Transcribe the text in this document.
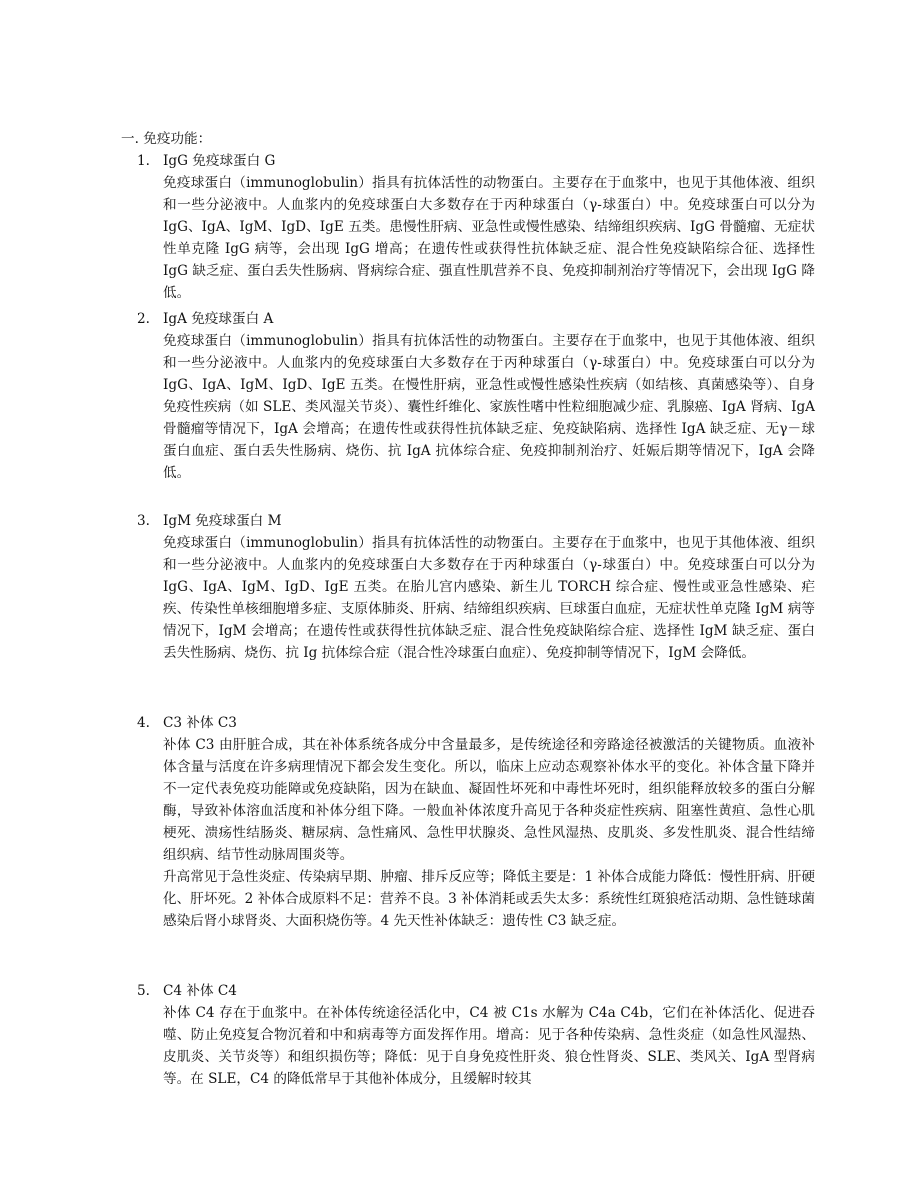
一. 免疫功能：
1. IgG 免疫球蛋白 G

免疫球蛋白（immunoglobulin）指具有抗体活性的动物蛋白。主要存在于血浆中，也见于其他体液、组织和一些分泌液中。人血浆内的免疫球蛋白大多数存在于丙种球蛋白（γ-球蛋白）中。免疫球蛋白可以分为 IgG、IgA、IgM、IgD、IgE 五类。患慢性肝病、亚急性或慢性感染、结缔组织疾病、IgG 骨髓瘤、无症状性单克隆 IgG 病等，会出现 IgG 增高；在遗传性或获得性抗体缺乏症、混合性免疫缺陷综合征、选择性 IgG 缺乏症、蛋白丢失性肠病、肾病综合症、强直性肌营养不良、免疫抑制剂治疗等情况下，会出现 IgG 降低。

2. IgA 免疫球蛋白 A

免疫球蛋白（immunoglobulin）指具有抗体活性的动物蛋白。主要存在于血浆中，也见于其他体液、组织和一些分泌液中。人血浆内的免疫球蛋白大多数存在于丙种球蛋白（γ-球蛋白）中。免疫球蛋白可以分为 IgG、IgA、IgM、IgD、IgE 五类。在慢性肝病，亚急性或慢性感染性疾病（如结核、真菌感染等）、自身免疫性疾病（如 SLE、类风湿关节炎）、囊性纤维化、家族性嗜中性粒细胞减少症、乳腺癌、IgA 肾病、IgA 骨髓瘤等情况下，IgA 会增高；在遗传性或获得性抗体缺乏症、免疫缺陷病、选择性 IgA 缺乏症、无γ－球蛋白血症、蛋白丢失性肠病、烧伤、抗 IgA 抗体综合症、免疫抑制剂治疗、妊娠后期等情况下，IgA 会降低。

3. IgM 免疫球蛋白 M

免疫球蛋白（immunoglobulin）指具有抗体活性的动物蛋白。主要存在于血浆中，也见于其他体液、组织和一些分泌液中。人血浆内的免疫球蛋白大多数存在于丙种球蛋白（γ-球蛋白）中。免疫球蛋白可以分为 IgG、IgA、IgM、IgD、IgE 五类。在胎儿宫内感染、新生儿 TORCH 综合症、慢性或亚急性感染、疟疾、传染性单核细胞增多症、支原体肺炎、肝病、结缔组织疾病、巨球蛋白血症，无症状性单克隆 IgM 病等情况下，IgM 会增高；在遗传性或获得性抗体缺乏症、混合性免疫缺陷综合症、选择性 IgM 缺乏症、蛋白丢失性肠病、烧伤、抗 Ig 抗体综合症（混合性冷球蛋白血症）、免疫抑制等情况下，IgM 会降低。

4. C3 补体 C3

补体 C3 由肝脏合成，其在补体系统各成分中含量最多，是传统途径和旁路途径被激活的关键物质。血液补体含量与活度在许多病理情况下都会发生变化。所以，临床上应动态观察补体水平的变化。补体含量下降并不一定代表免疫功能障或免疫缺陷，因为在缺血、凝固性坏死和中毒性坏死时，组织能释放较多的蛋白分解酶，导致补体溶血活度和补体分组下降。一般血补体浓度升高见于各种炎症性疾病、阻塞性黄疸、急性心肌梗死、溃疡性结肠炎、糖尿病、急性痛风、急性甲状腺炎、急性风湿热、皮肌炎、多发性肌炎、混合性结缔组织病、结节性动脉周围炎等。

升高常见于急性炎症、传染病早期、肿瘤、排斥反应等；降低主要是：1 补体合成能力降低：慢性肝病、肝硬化、肝坏死。2 补体合成原料不足：营养不良。3 补体消耗或丢失太多：系统性红斑狼疮活动期、急性链球菌感染后肾小球肾炎、大面积烧伤等。4 先天性补体缺乏：遗传性 C3 缺乏症。

5. C4 补体 C4

补体 C4 存在于血浆中。在补体传统途径活化中，C4 被 C1s 水解为 C4a C4b，它们在补体活化、促进吞噬、防止免疫复合物沉着和中和病毒等方面发挥作用。增高：见于各种传染病、急性炎症（如急性风湿热、皮肌炎、关节炎等）和组织损伤等；降低：见于自身免疫性肝炎、狼仓性肾炎、SLE、类风关、IgA 型肾病等。在 SLE，C4 的降低常早于其他补体成分，且缓解时较其
